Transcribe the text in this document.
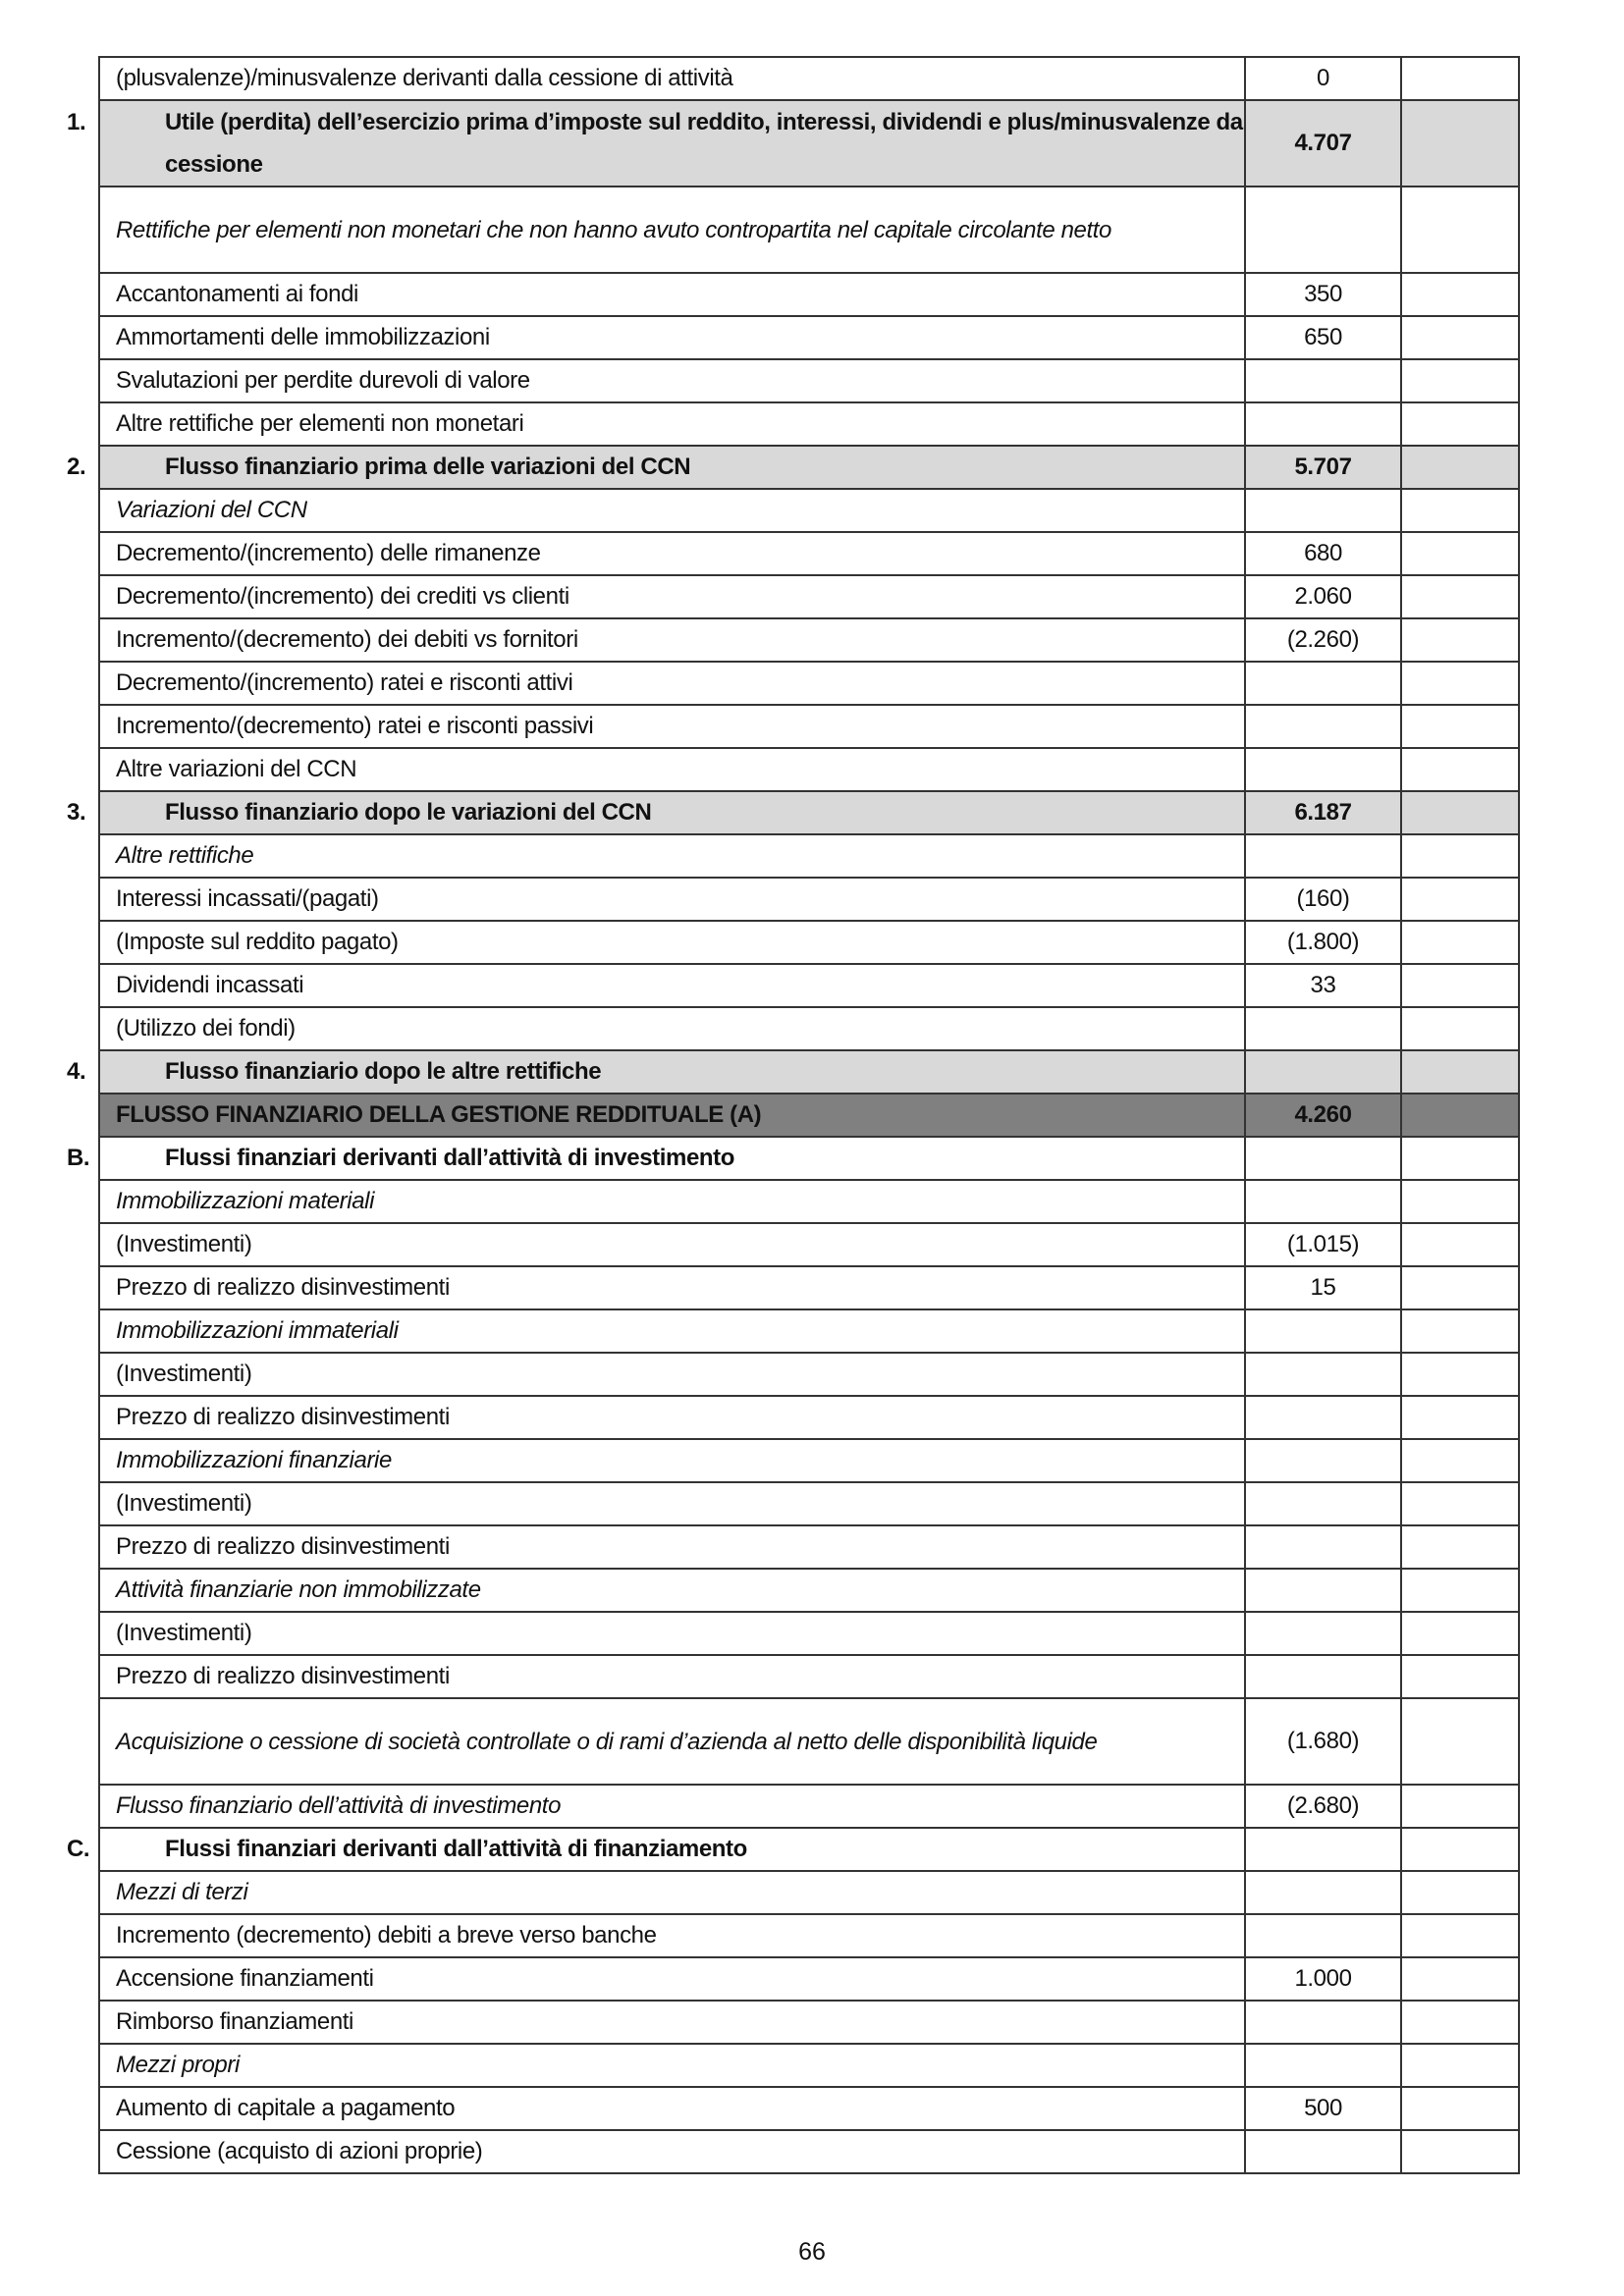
(plusvalenze)/minusvalenze derivanti dalla cessione di attività	0	

1. Utile (perdita) dell’esercizio prima d’imposte sul reddito, interessi, dividendi e plus/minusvalenze da cessione	4.707	
Rettifiche per elementi non monetari che non hanno avuto contropartita nel capitale circolante netto		
Accantonamenti ai fondi	350	
Ammortamenti delle immobilizzazioni	650	
Svalutazioni per perdite durevoli di valore		
Altre rettifiche per elementi non monetari		

2. Flusso finanziario prima delle variazioni del CCN	5.707	
Variazioni del CCN		
Decremento/(incremento) delle rimanenze	680	
Decremento/(incremento) dei crediti vs clienti	2.060	
Incremento/(decremento) dei debiti vs fornitori	(2.260)	
Decremento/(incremento) ratei e risconti attivi		
Incremento/(decremento) ratei e risconti passivi		
Altre variazioni del CCN		

3. Flusso finanziario dopo le variazioni del CCN	6.187	
Altre rettifiche		
Interessi incassati/(pagati)	(160)	
(Imposte sul reddito pagato)	(1.800)	
Dividendi incassati	33	
(Utilizzo dei fondi)		

4. Flusso finanziario dopo le altre rettifiche		

FLUSSO FINANZIARIO DELLA GESTIONE REDDITUALE (A)	4.260	

B. Flussi finanziari derivanti dall’attività di investimento		

Immobilizzazioni materiali		
(Investimenti)	(1.015)	
Prezzo di realizzo disinvestimenti	15	
Immobilizzazioni immateriali		
(Investimenti)		
Prezzo di realizzo disinvestimenti		
Immobilizzazioni finanziarie		
(Investimenti)		
Prezzo di realizzo disinvestimenti		
Attività finanziarie non immobilizzate		
(Investimenti)		
Prezzo di realizzo disinvestimenti		
Acquisizione o cessione di società controllate o di rami d’azienda al netto delle disponibilità liquide	(1.680)	
Flusso finanziario dell’attività di investimento	(2.680)	

C. Flussi finanziari derivanti dall’attività di finanziamento		

Mezzi di terzi		
Incremento (decremento) debiti a breve verso banche		
Accensione finanziamenti	1.000	
Rimborso finanziamenti		
Mezzi propri		
Aumento di capitale a pagamento	500	
Cessione (acquisto di azioni proprie)		
66
